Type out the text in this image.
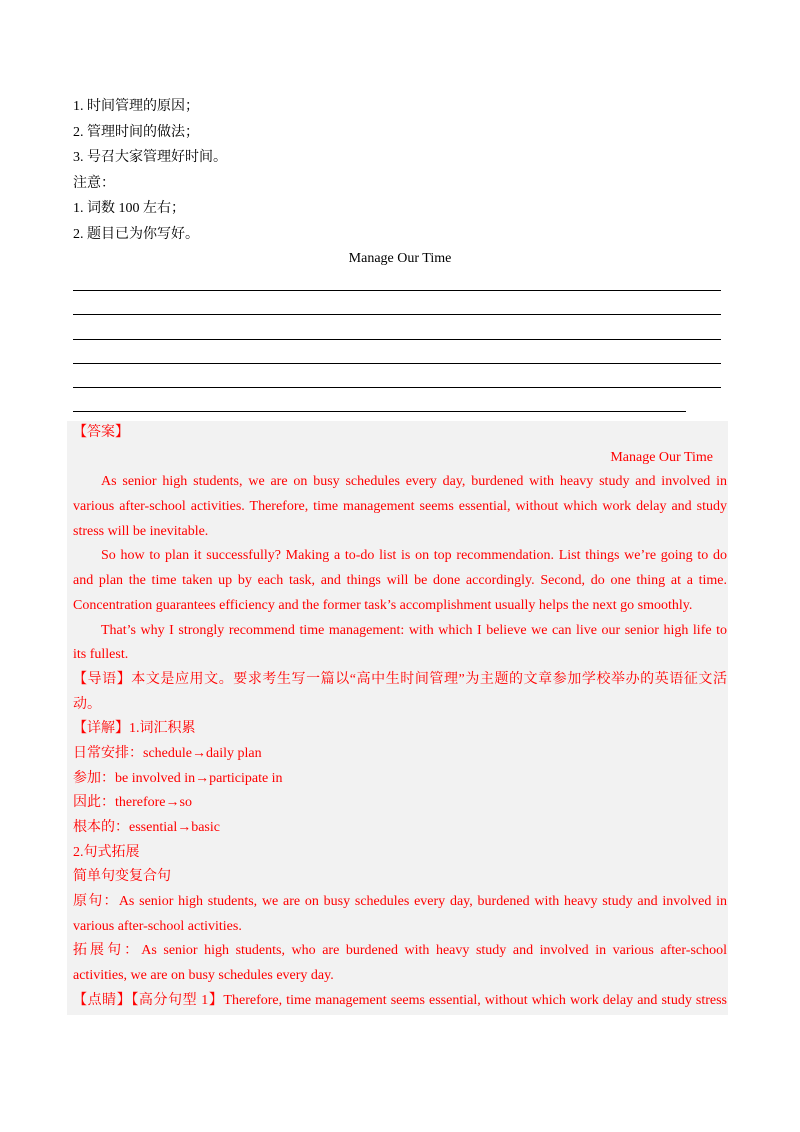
1. 时间管理的原因；
2. 管理时间的做法；
3. 号召大家管理好时间。
注意：
1. 词数 100 左右；
2. 题目已为你写好。
Manage Our Time
【答案】
Manage Our Time
As senior high students, we are on busy schedules every day, burdened with heavy study and involved in
various after-school activities. Therefore, time management seems essential, without which work delay and study
stress will be inevitable.
So how to plan it successfully? Making a to-do list is on top recommendation. List things we’re going to do
and plan the time taken up by each task, and things will be done accordingly. Second, do one thing at a time.
Concentration guarantees efficiency and the former task’s accomplishment usually helps the next go smoothly.
That’s why I strongly recommend time management: with which I believe we can live our senior high life to
its fullest.
【导语】本文是应用文。要求考生写一篇以“高中生时间管理”为主题的文章参加学校举办的英语征文活
动。
【详解】1.词汇积累
日常安排：schedule→daily plan
参加：be involved in→participate in
因此：therefore→so
根本的：essential→basic
2.句式拓展
简单句变复合句
原句：As senior high students, we are on busy schedules every day, burdened with heavy study and involved in
various after-school activities.
拓展句：As senior high students, who are burdened with heavy study and involved in various after-school
activities, we are on busy schedules every day.
【点睛】【高分句型 1】Therefore, time management seems essential, without which work delay and study stress
